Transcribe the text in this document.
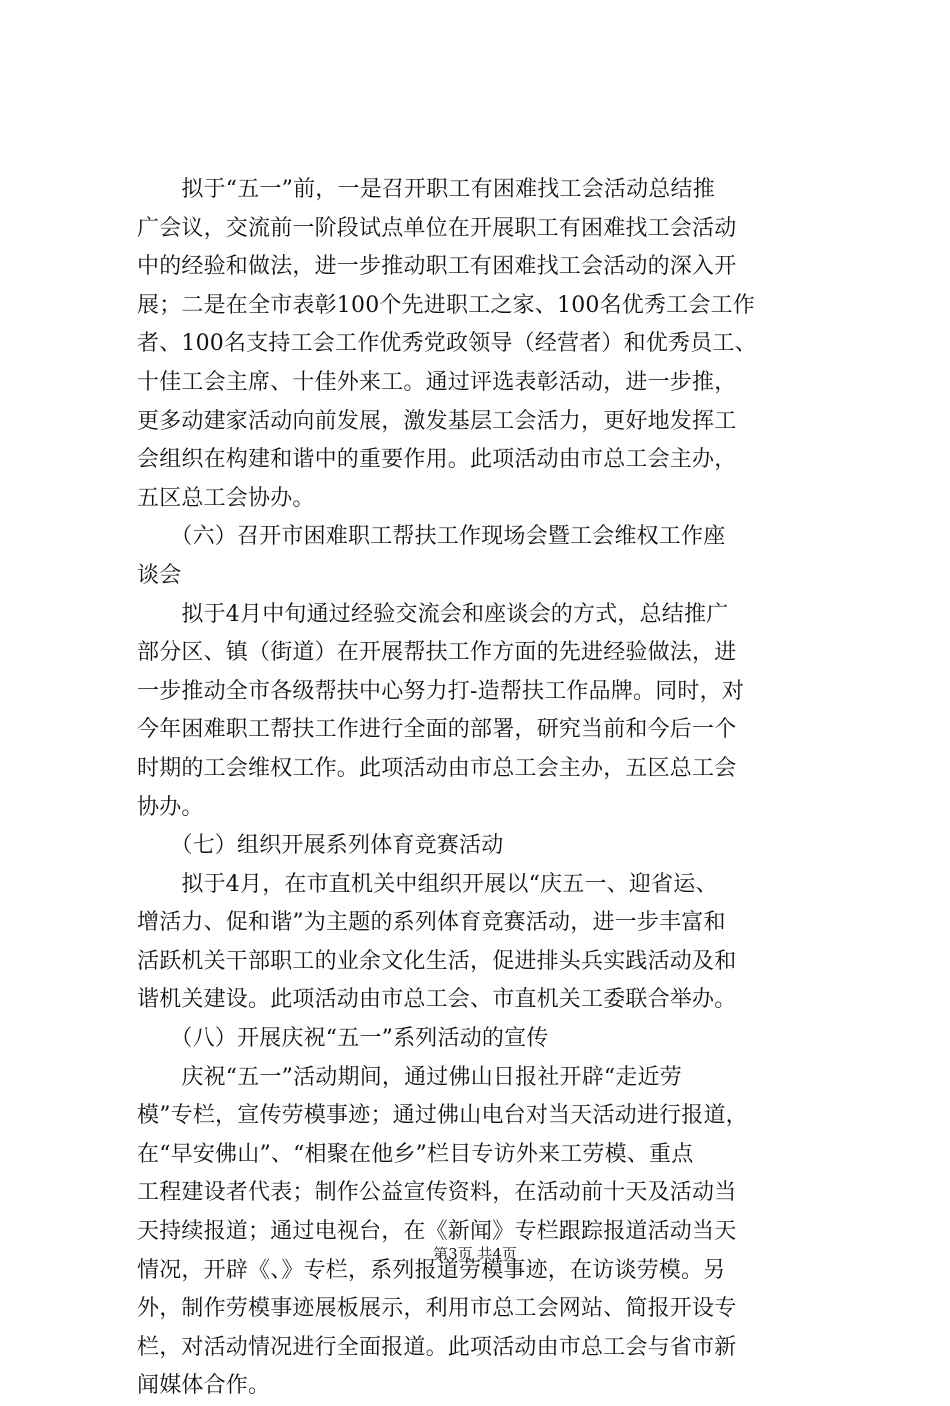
　　拟于“五一”前，一是召开职工有困难找工会活动总结推
广会议，交流前一阶段试点单位在开展职工有困难找工会活动
中的经验和做法，进一步推动职工有困难找工会活动的深入开
展；二是在全市表彰100个先进职工之家、100名优秀工会工作
者、100名支持工会工作优秀党政领导（经营者）和优秀员工、
十佳工会主席、十佳外来工。通过评选表彰活动，进一步推，
更多动建家活动向前发展，激发基层工会活力，更好地发挥工
会组织在构建和谐中的重要作用。此项活动由市总工会主办，
五区总工会协办。
　　（六）召开市困难职工帮扶工作现场会暨工会维权工作座
谈会
　　拟于4月中旬通过经验交流会和座谈会的方式，总结推广
部分区、镇（街道）在开展帮扶工作方面的先进经验做法，进
一步推动全市各级帮扶中心努力打-造帮扶工作品牌。同时，对
今年困难职工帮扶工作进行全面的部署，研究当前和今后一个
时期的工会维权工作。此项活动由市总工会主办，五区总工会
协办。
　　（七）组织开展系列体育竞赛活动
　　拟于4月，在市直机关中组织开展以“庆五一、迎省运、
增活力、促和谐”为主题的系列体育竞赛活动，进一步丰富和
活跃机关干部职工的业余文化生活，促进排头兵实践活动及和
谐机关建设。此项活动由市总工会、市直机关工委联合举办。
　　（八）开展庆祝“五一”系列活动的宣传
　　庆祝“五一”活动期间，通过佛山日报社开辟“走近劳
模”专栏，宣传劳模事迹；通过佛山电台对当天活动进行报道，
在“早安佛山”、“相聚在他乡”栏目专访外来工劳模、重点
工程建设者代表；制作公益宣传资料，在活动前十天及活动当
天持续报道；通过电视台，在《新闻》专栏跟踪报道活动当天
情况，开辟《、》专栏，系列报道劳模事迹，在访谈劳模。另
外，制作劳模事迹展板展示，利用市总工会网站、简报开设专
栏，对活动情况进行全面报道。此项活动由市总工会与省市新
闻媒体合作。
第3页 共4页
